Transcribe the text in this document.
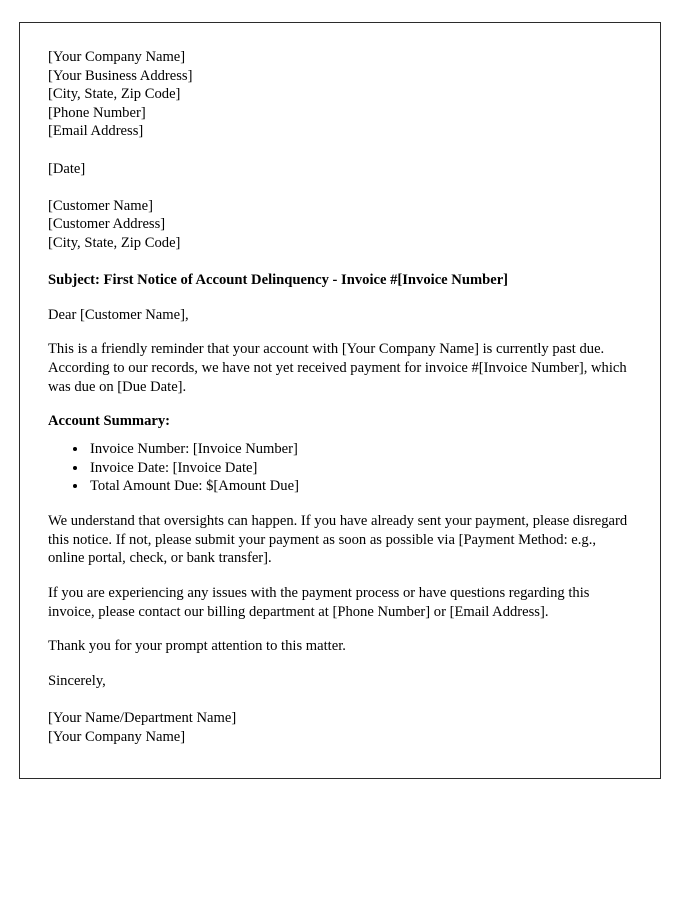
[Your Company Name]
[Your Business Address]
[City, State, Zip Code]
[Phone Number]
[Email Address]
[Date]
[Customer Name]
[Customer Address]
[City, State, Zip Code]
Subject: First Notice of Account Delinquency - Invoice #[Invoice Number]
Dear [Customer Name],
This is a friendly reminder that your account with [Your Company Name] is currently past due. According to our records, we have not yet received payment for invoice #[Invoice Number], which was due on [Due Date].
Account Summary:
• Invoice Number: [Invoice Number]
• Invoice Date: [Invoice Date]
• Total Amount Due: $[Amount Due]
We understand that oversights can happen. If you have already sent your payment, please disregard this notice. If not, please submit your payment as soon as possible via [Payment Method: e.g., online portal, check, or bank transfer].
If you are experiencing any issues with the payment process or have questions regarding this invoice, please contact our billing department at [Phone Number] or [Email Address].
Thank you for your prompt attention to this matter.
Sincerely,
[Your Name/Department Name]
[Your Company Name]
